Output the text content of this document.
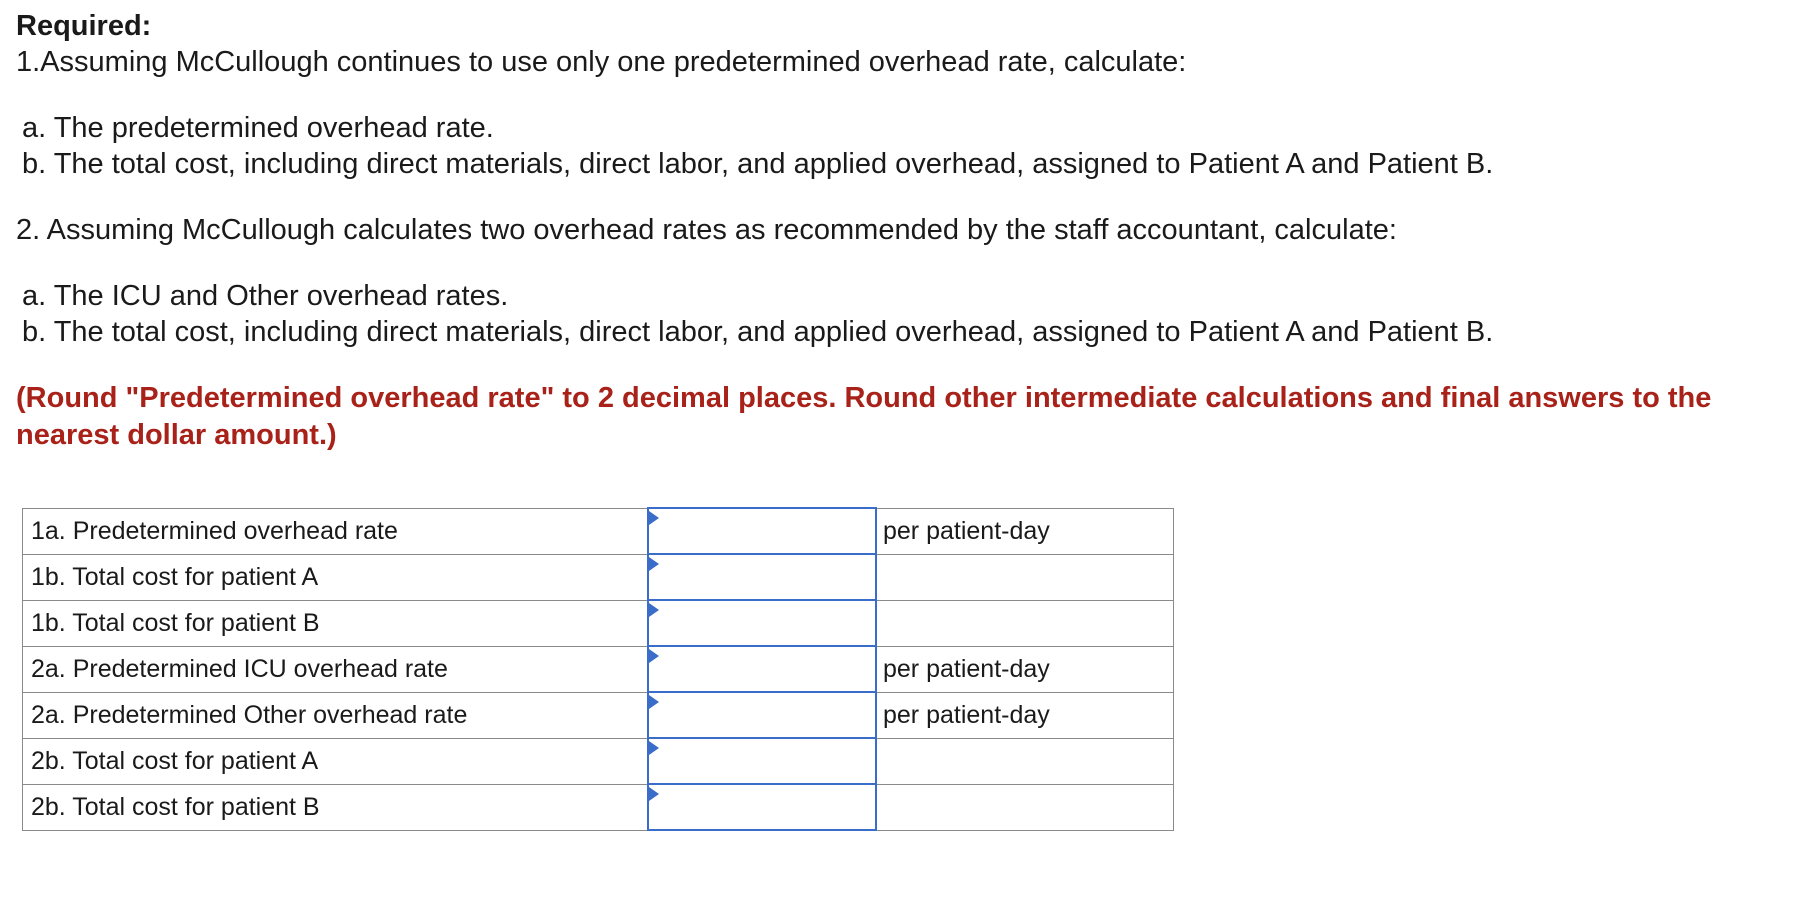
Required:
1.Assuming McCullough continues to use only one predetermined overhead rate, calculate:
a. The predetermined overhead rate.
b. The total cost, including direct materials, direct labor, and applied overhead, assigned to Patient A and Patient B.
2. Assuming McCullough calculates two overhead rates as recommended by the staff accountant, calculate:
a. The ICU and Other overhead rates.
b. The total cost, including direct materials, direct labor, and applied overhead, assigned to Patient A and Patient B.
(Round "Predetermined overhead rate" to 2 decimal places. Round other intermediate calculations and final answers to the
nearest dollar amount.)
1a. Predetermined overhead rate		per patient-day
1b. Total cost for patient A	

1b. Total cost for patient B	

2a. Predetermined ICU overhead rate		per patient-day
2a. Predetermined Other overhead rate		per patient-day
2b. Total cost for patient A	

2b. Total cost for patient B	
